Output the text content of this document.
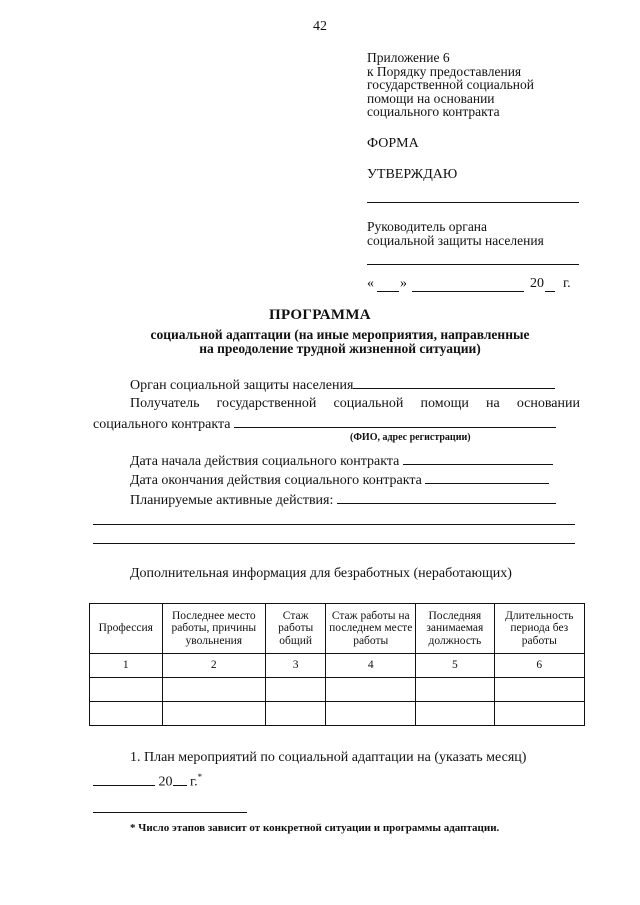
42
Приложение 6
к Порядку предоставления
государственной социальной
помощи на основании
социального контракта
ФОРМА
УТВЕРЖДАЮ
Руководитель органа
социальной защиты населения
« »	20 г.
ПРОГРАММА
социальной адаптации (на иные мероприятия, направленные
на преодоление трудной жизненной ситуации)
Орган социальной защиты населения
Получатель государственной социальной помощи на основании
социального контракта
(ФИО, адрес регистрации)
Дата начала действия социального контракта
Дата окончания действия социального контракта
Планируемые активные действия:
Дополнительная информация для безработных (неработающих)
Профессия	Последнее место работы, причины увольнения	Стаж работы общий	Стаж работы на последнем месте работы	Последняя занимаемая должность	Длительность периода без работы
1	2	3	4	5	6

1. План мероприятий по социальной адаптации на (указать месяц)
20 г.*
* Число этапов зависит от конкретной ситуации и программы адаптации.
